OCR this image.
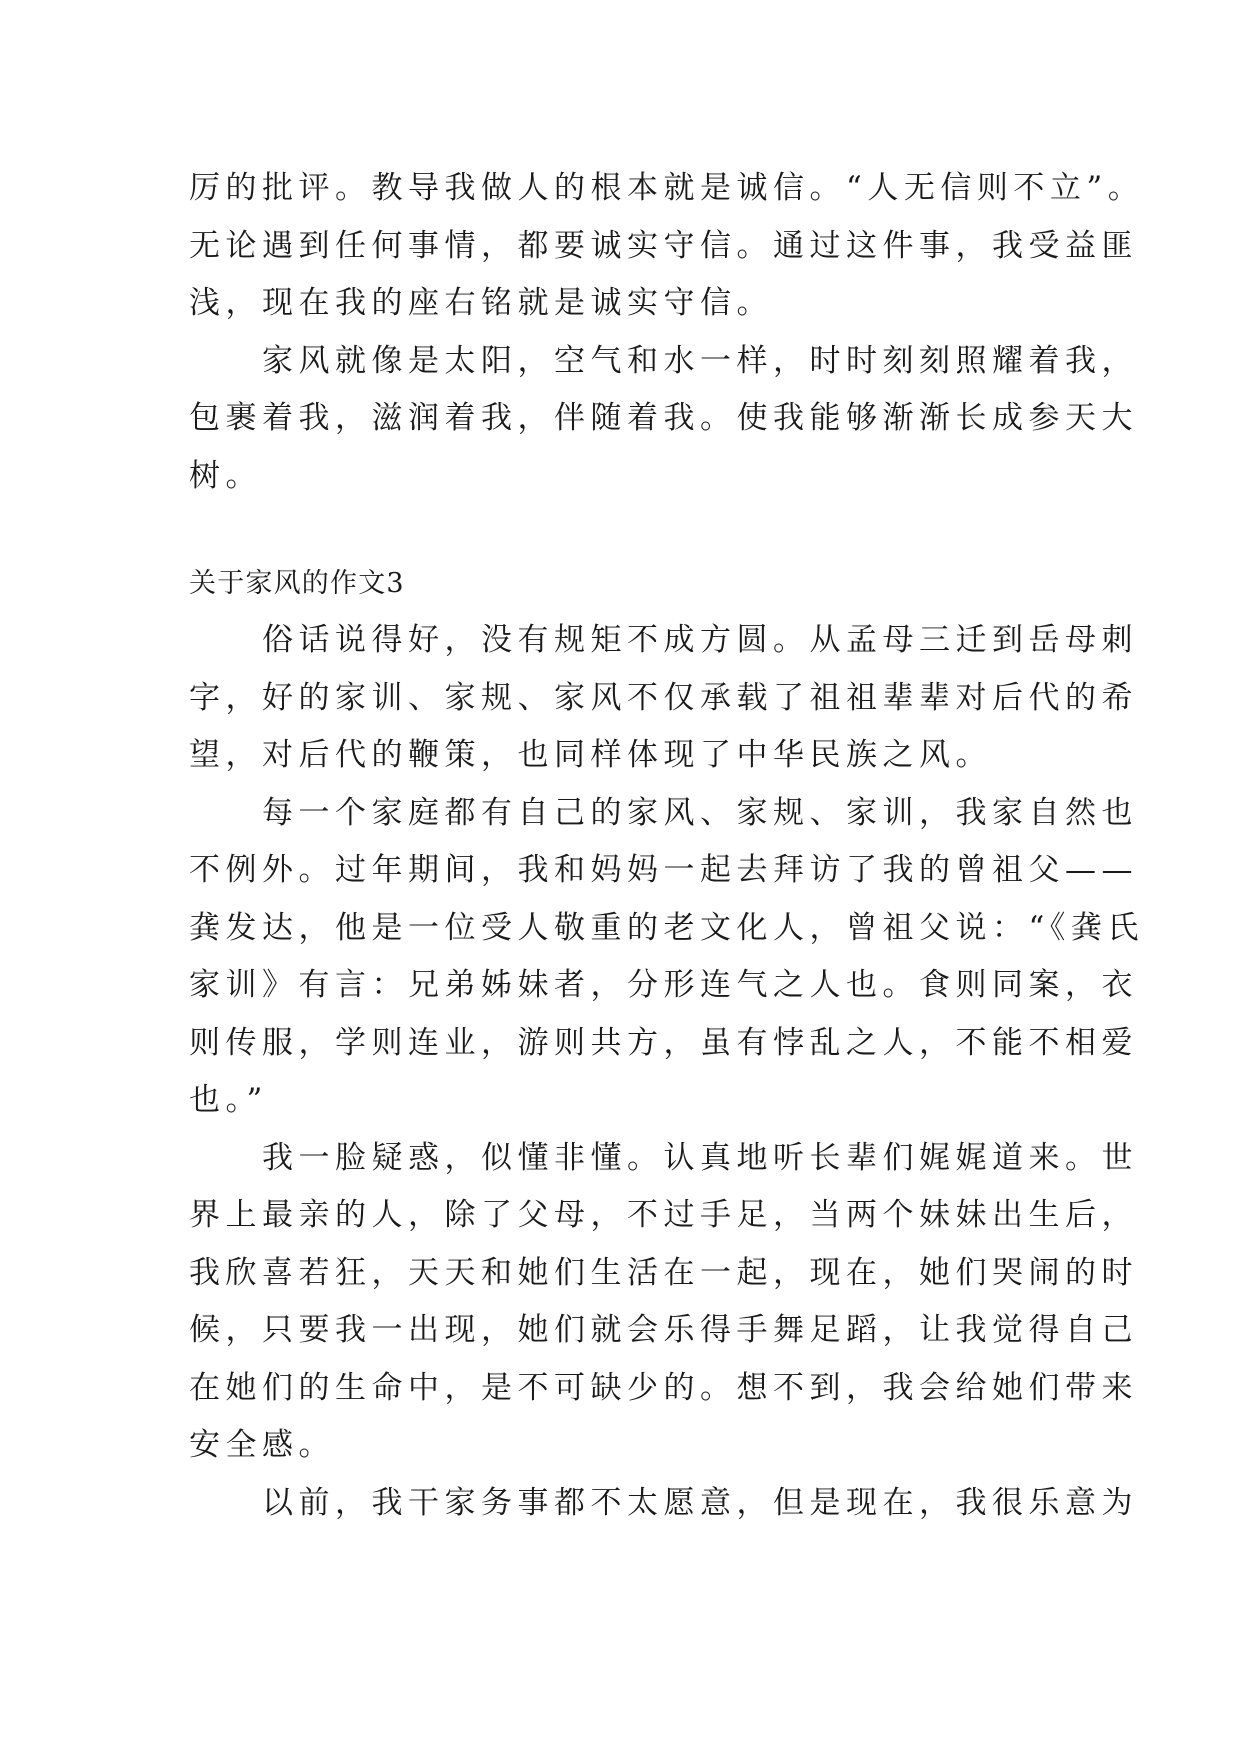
厉的批评。教导我做人的根本就是诚信。“人无信则不立”。
无论遇到任何事情，都要诚实守信。通过这件事，我受益匪
浅，现在我的座右铭就是诚实守信。

家风就像是太阳，空气和水一样，时时刻刻照耀着我，
包裹着我，滋润着我，伴随着我。使我能够渐渐长成参天大
树。

关于家风的作文3

俗话说得好，没有规矩不成方圆。从孟母三迁到岳母刺
字，好的家训、家规、家风不仅承载了祖祖辈辈对后代的希
望，对后代的鞭策，也同样体现了中华民族之风。

每一个家庭都有自己的家风、家规、家训，我家自然也
不例外。过年期间，我和妈妈一起去拜访了我的曾祖父——
龚发达，他是一位受人敬重的老文化人，曾祖父说：“《龚氏
家训》有言：兄弟姊妹者，分形连气之人也。食则同案，衣
则传服，学则连业，游则共方，虽有悖乱之人，不能不相爱
也。”

我一脸疑惑，似懂非懂。认真地听长辈们娓娓道来。世
界上最亲的人，除了父母，不过手足，当两个妹妹出生后，
我欣喜若狂，天天和她们生活在一起，现在，她们哭闹的时
候，只要我一出现，她们就会乐得手舞足蹈，让我觉得自己
在她们的生命中，是不可缺少的。想不到，我会给她们带来
安全感。

以前，我干家务事都不太愿意，但是现在，我很乐意为
